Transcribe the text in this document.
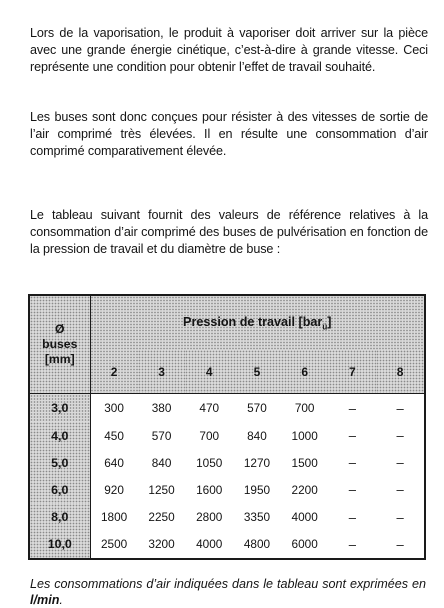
Lors de la vaporisation, le produit à vaporiser doit arriver sur la pièce avec une grande énergie cinétique, c’est-à-dire à grande vitesse. Ceci représente une condition pour obtenir l’effet de travail souhaité.

Les buses sont donc conçues pour résister à des vitesses de sortie de l’air comprimé très élevées. Il en résulte une consommation d’air comprimé comparativement élevée.

Le tableau suivant fournit des valeurs de référence relatives à la consommation d’air comprimé des buses de pulvérisation en fonction de la pression de travail et du diamètre de buse :

Ø
buses
[mm]	Pression de travail [bar$_ü$]						
	2	3	4	5	6	7	8
3,0	300	380	470	570	700	–	–
4,0	450	570	700	840	1000	–	–
5,0	640	840	1050	1270	1500	–	–
6,0	920	1250	1600	1950	2200	–	–
8,0	1800	2250	2800	3350	4000	–	–
10,0	2500	3200	4000	4800	6000	–	–

Les consommations d’air indiquées dans le tableau sont exprimées en l/min.
